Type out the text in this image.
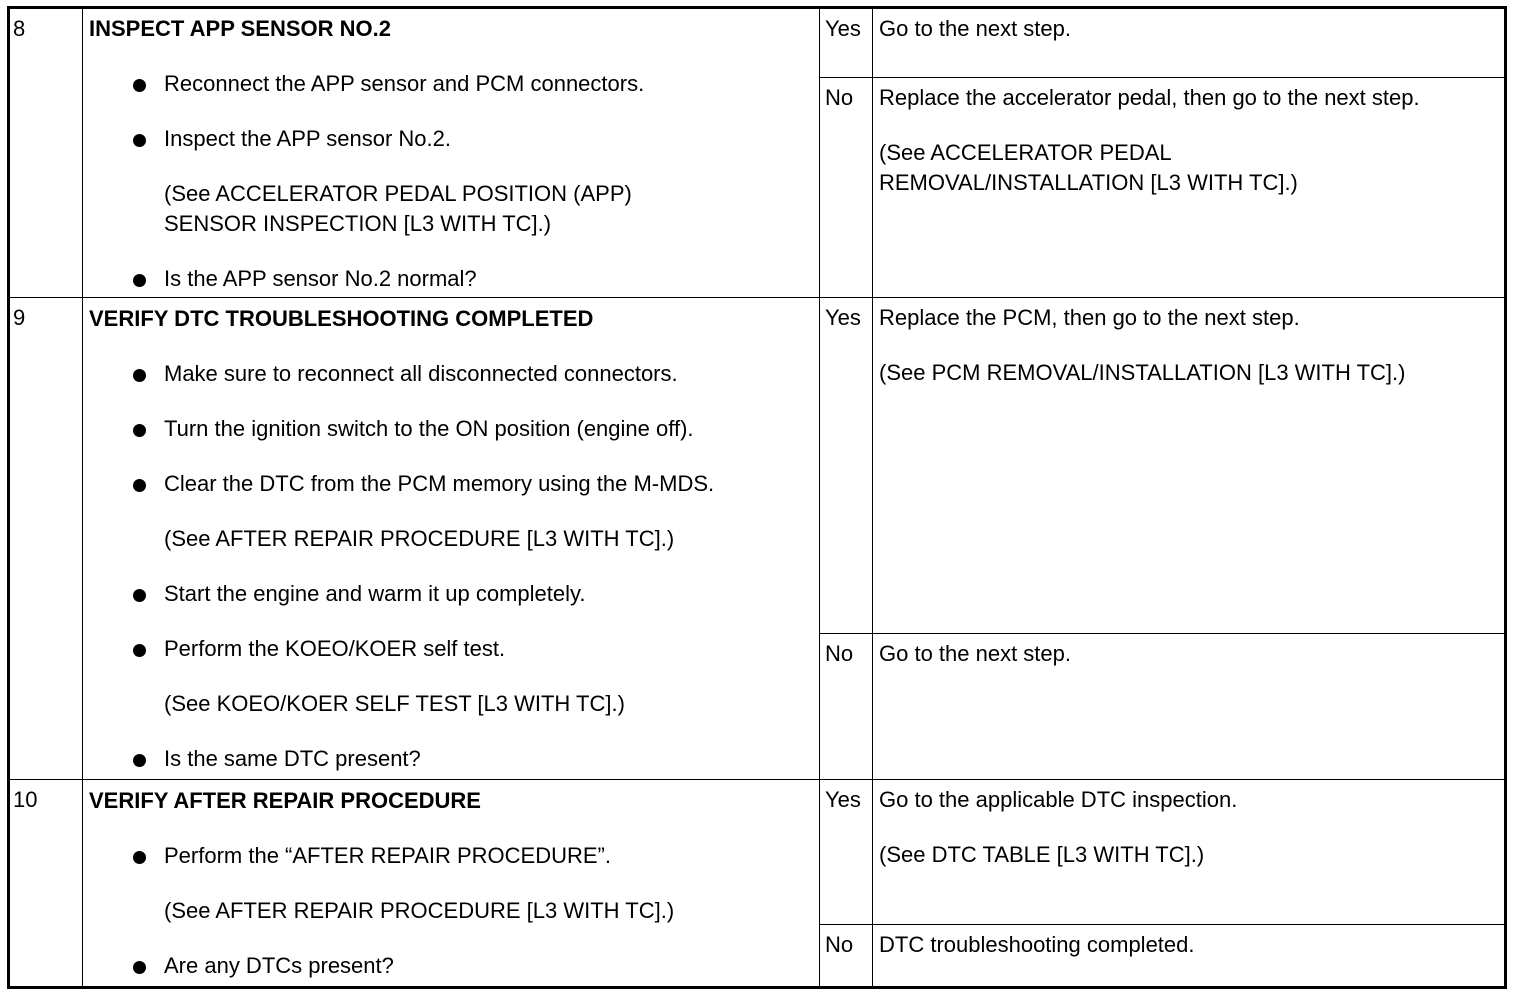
8	INSPECT APP SENSOR NO.2
Reconnect the APP sensor and PCM connectors.
Inspect the APP sensor No.2.
(See ACCELERATOR PEDAL POSITION (APP)
SENSOR INSPECTION [L3 WITH TC].)
Is the APP sensor No.2 normal?
Yes Go to the next step.
No	Replace the accelerator pedal, then go to the next step.
(See ACCELERATOR PEDAL
REMOVAL/INSTALLATION [L3 WITH TC].)
9	VERIFY DTC TROUBLESHOOTING COMPLETED
Make sure to reconnect all disconnected connectors.
Turn the ignition switch to the ON position (engine off).
Clear the DTC from the PCM memory using the M-MDS.
(See AFTER REPAIR PROCEDURE [L3 WITH TC].)
Start the engine and warm it up completely.
Perform the KOEO/KOER self test.
(See KOEO/KOER SELF TEST [L3 WITH TC].)
Is the same DTC present?
Yes Replace the PCM, then go to the next step.
(See PCM REMOVAL/INSTALLATION [L3 WITH TC].)
No	Go to the next step.
10	VERIFY AFTER REPAIR PROCEDURE
Perform the “AFTER REPAIR PROCEDURE”.
(See AFTER REPAIR PROCEDURE [L3 WITH TC].)
Are any DTCs present?
Yes Go to the applicable DTC inspection.
(See DTC TABLE [L3 WITH TC].)
No	DTC troubleshooting completed.
